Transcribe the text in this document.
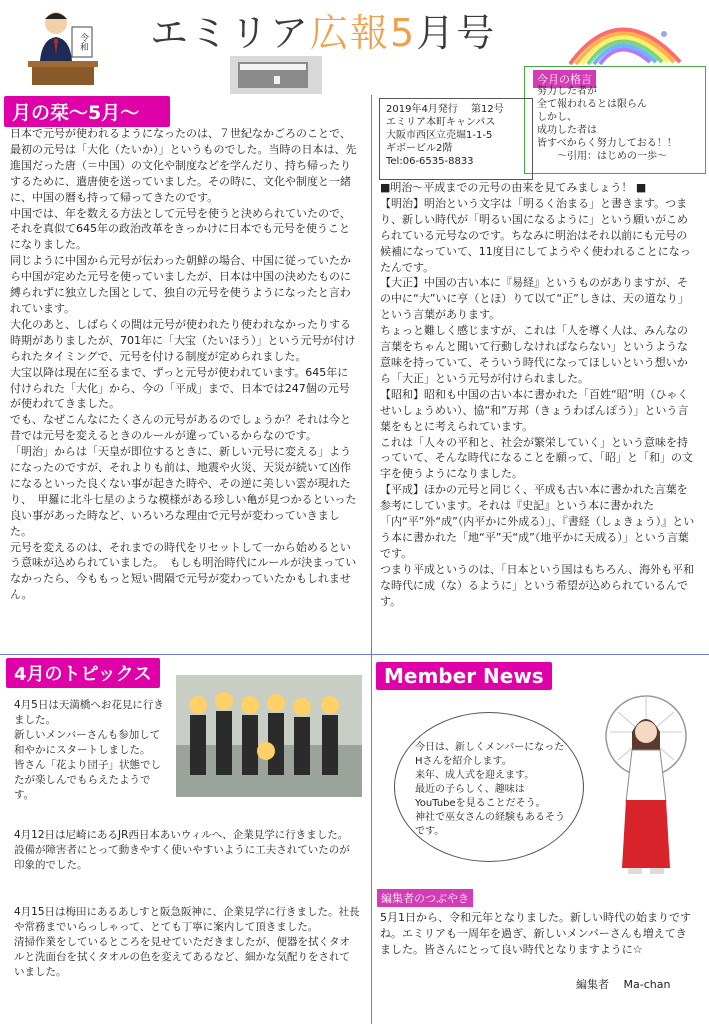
エミリア広報5月号
令和
今月の格言
努力した者が
全て報われるとは限らん
しかし、
成功した者は
皆すべからく努力しておる！！
　　～引用：はじめの一歩～
月の栞～5月～
日本で元号が使われるようになったのは、７世紀なかごろのことで、最初の元号は「大化（たいか）」というものでした。当時の日本は、先進国だった唐（＝中国）の文化や制度などを学んだり、持ち帰ったりするために、遣唐使を送っていました。その時に、文化や制度と一緒に、中国の暦も持って帰ってきたのです。
中国では、年を数える方法として元号を使うと決められていたので、それを真似て645年の政治改革をきっかけに日本でも元号を使うことになりました。
同じように中国から元号が伝わった朝鮮の場合、中国に従っていたから中国が定めた元号を使っていましたが、日本は中国の決めたものに縛られずに独立した国として、独自の元号を使うようになったと言われています。
大化のあと、しばらくの間は元号が使われたり使われなかったりする時期がありましたが、701年に「大宝（たいほう）」という元号が付けられたタイミングで、元号を付ける制度が定められました。
大宝以降は現在に至るまで、ずっと元号が使われています。645年に付けられた「大化」から、今の「平成」まで、日本では247個の元号が使われてきました。
でも、なぜこんなにたくさんの元号があるのでしょうか？それは今と昔では元号を変えるときのルールが違っているからなのです。
「明治」からは「天皇が即位するときに、新しい元号に変える」ようになったのですが、それよりも前は、地震や火災、天災が続いて凶作になるといった良くない事が起きた時や、その逆に美しい雲が現れたり、　甲羅に北斗七星のような模様がある珍しい亀が見つかるといった良い事があった時など、いろいろな理由で元号が変わっていきました。
元号を変えるのは、それまでの時代をリセットして一から始めるという意味が込められていました。　もしも明治時代にルールが決まっていなかったら、今ももっと短い間隔で元号が変わっていたかもしれません。
2019年4月発行　 第12号
エミリア本町キャンパス
大阪市西区立売堀1-1-5
ギボービル2階
Tel:06-6535-8833
■明治～平成までの元号の由来を見てみましょう！ ■
【明治】明治という文字は「明るく治まる」と書きます。つまり、新しい時代が「明るい国になるように」という願いがこめられている元号なのです。ちなみに明治はそれ以前にも元号の候補になっていて、11度目にしてようやく使われることになったんです。
【大正】中国の古い本に『易経』というものがありますが、その中に“大”いに亨（とほ）りて以て“正”しきは、天の道なり」という言葉があります。
ちょっと難しく感じますが、これは「人を導く人は、みんなの言葉をちゃんと聞いて行動しなければならない」というような意味を持っていて、そういう時代になってほしいという想いから「大正」という元号が付けられました。
【昭和】昭和も中国の古い本に書かれた「百姓“昭”明（ひゃくせいしょうめい）、協“和”万邦（きょうわばんぽう）」という言葉をもとに考えられています。
これは「人々の平和と、社会が繁栄していく」という意味を持っていて、そんな時代になることを願って、「昭」と「和」の文字を使うようになりました。
【平成】ほかの元号と同じく、平成も古い本に書かれた言葉を参考にしています。それは『史記』という本に書かれた「内“平”外“成”（内平かに外成る）」、『書経（しょきょう）』という本に書かれた「地“平”天“成”（地平かに天成る）」という言葉です。
つまり平成というのは、「日本という国はもちろん、海外も平和な時代に成（な）るように」という希望が込められているんです。
4月のトピックス
4月5日は天満橋へお花見に行きました。
新しいメンバーさんも参加して和やかにスタートしました。
皆さん「花より団子」状態でしたが楽しんでもらえたようです。
4月12日は尼崎にあるJR西日本あいウィルへ、企業見学に行きました。
設備が障害者にとって動きやすく使いやすいように工夫されていたのが印象的でした。
4月15日は梅田にあるあしすと阪急阪神に、企業見学に行きました。社長や常務までいらっしゃって、とても丁寧に案内して頂きました。
清掃作業をしているところを見せていただきましたが、便器を拭くタオルと洗面台を拭くタオルの色を変えてあるなど、細かな気配りをされていました。
Member News
今日は、新しくメンバーになったHさんを紹介します。
来年、成人式を迎えます。
最近の子らしく、趣味はYouTubeを見ることだそう。
神社で巫女さんの経験もあるそうです。
編集者のつぶやき
5月1日から、令和元年となりました。新しい時代の始まりですね。エミリアも一周年を過ぎ、新しいメンバーさんも増えてきました。皆さんにとって良い時代となりますように☆
編集者　 Ma-chan
